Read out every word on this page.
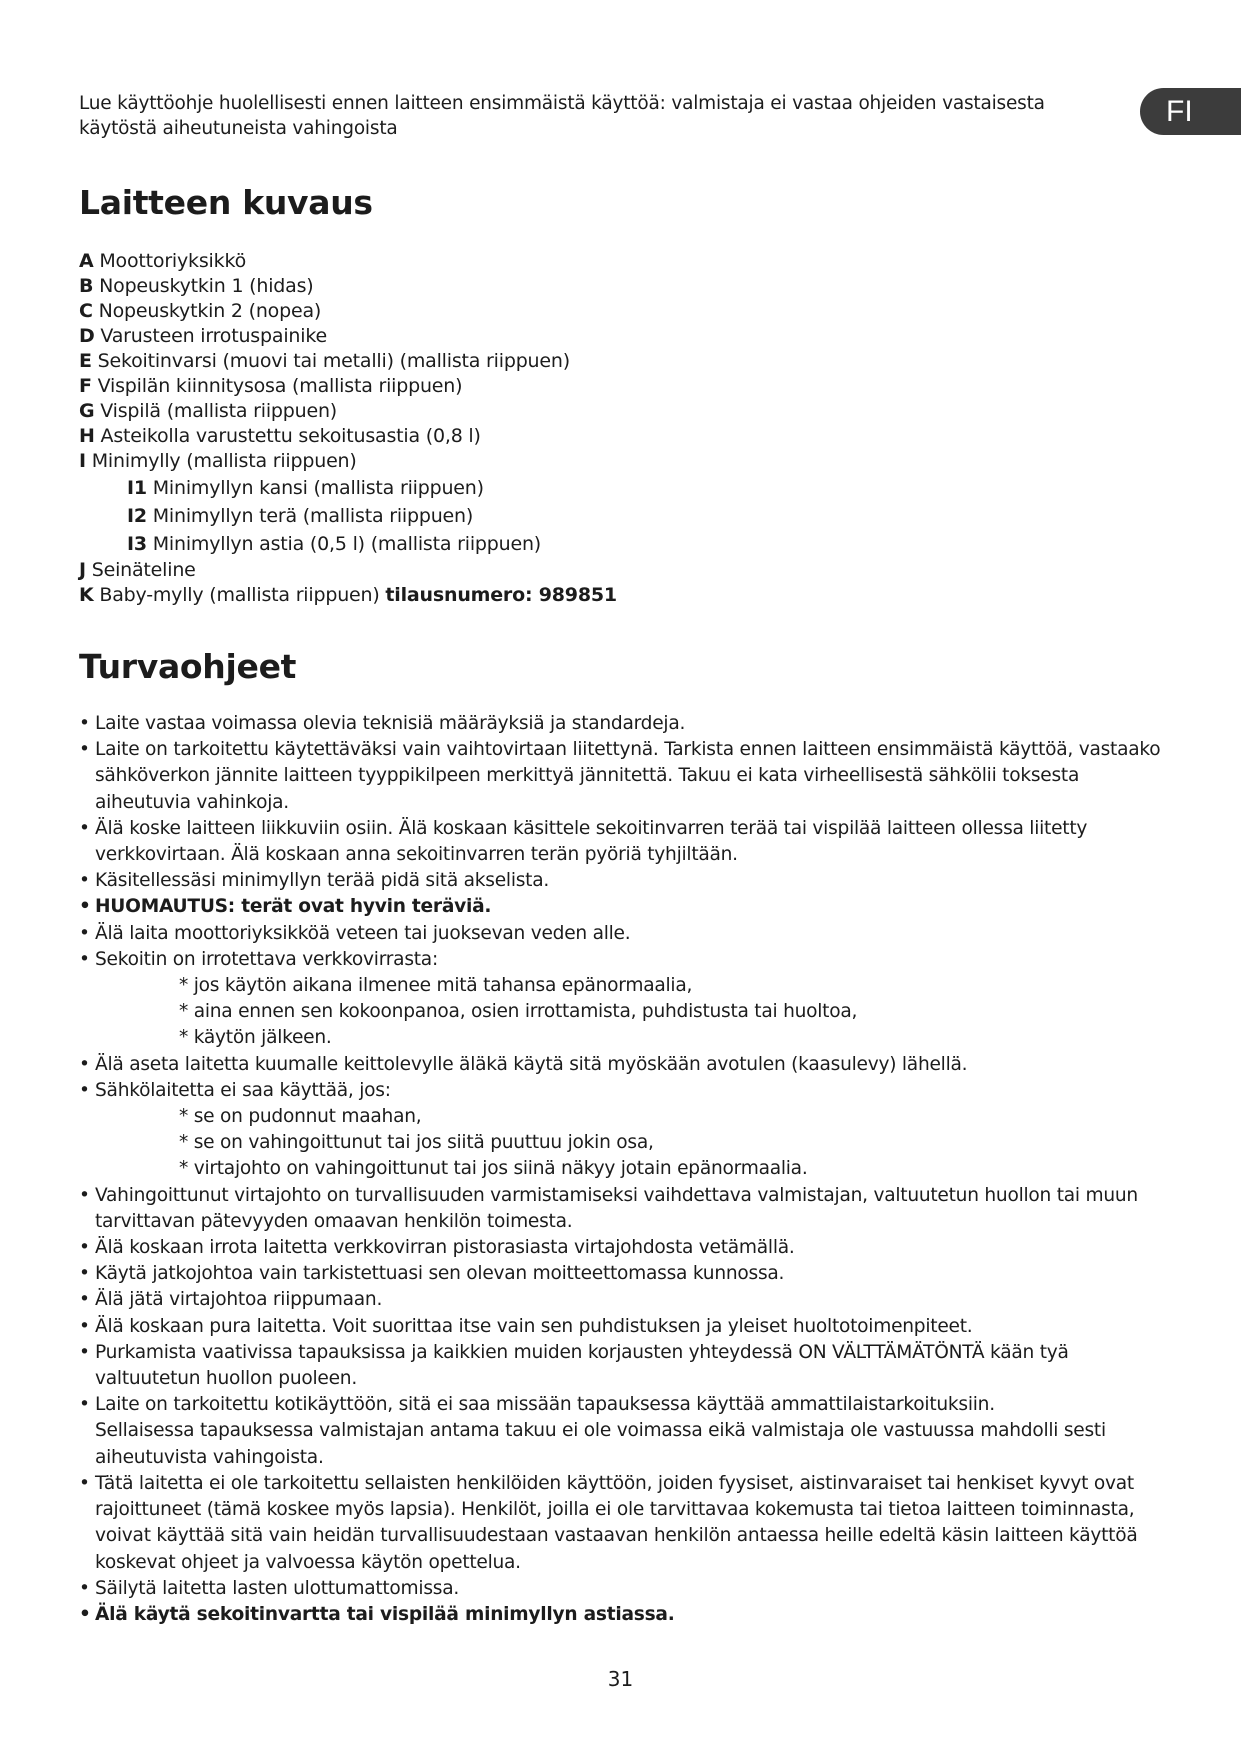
Lue käyttöohje huolellisesti ennen laitteen ensimmäistä käyttöä: valmistaja ei vastaa ohjeiden vastaisesta käytöstä aiheutuneista vahingoista
FI
Laitteen kuvaus
A Moottoriyksikkö
B Nopeuskytkin 1 (hidas)
C Nopeuskytkin 2 (nopea)
D Varusteen irrotuspainike
E Sekoitinvarsi (muovi tai metalli) (mallista riippuen)
F Vispilän kiinnitysosa (mallista riippuen)
G Vispilä (mallista riippuen)
H Asteikolla varustettu sekoitusastia (0,8 l)
I Minimylly (mallista riippuen)
I1 Minimyllyn kansi (mallista riippuen)
I2 Minimyllyn terä (mallista riippuen)
I3 Minimyllyn astia (0,5 l) (mallista riippuen)
J Seinäteline
K Baby-mylly (mallista riippuen) tilausnumero: 989851
Turvaohjeet
• Laite vastaa voimassa olevia teknisiä määräyksiä ja standardeja.
• Laite on tarkoitettu käytettäväksi vain vaihtovirtaan liitettynä. Tarkista ennen laitteen ensimmäistä käyttöä, vastaako sähköverkon jännite laitteen tyyppikilpeen merkittyä jännitettä. Takuu ei kata virheellisestä sähkölii toksesta aiheutuvia vahinkoja.
• Älä koske laitteen liikkuviin osiin. Älä koskaan käsittele sekoitinvarren terää tai vispilää laitteen ollessa liitetty verkkovirtaan. Älä koskaan anna sekoitinvarren terän pyöriä tyhjiltään.
• Käsitellessäsi minimyllyn terää pidä sitä akselista.
• HUOMAUTUS: terät ovat hyvin teräviä.
• Älä laita moottoriyksikköä veteen tai juoksevan veden alle.
• Sekoitin on irrotettava verkkovirrasta:
* jos käytön aikana ilmenee mitä tahansa epänormaalia,
* aina ennen sen kokoonpanoa, osien irrottamista, puhdistusta tai huoltoa,
* käytön jälkeen.
• Älä aseta laitetta kuumalle keittolevylle äläkä käytä sitä myöskään avotulen (kaasulevy) lähellä.
• Sähkölaitetta ei saa käyttää, jos:
* se on pudonnut maahan,
* se on vahingoittunut tai jos siitä puuttuu jokin osa,
* virtajohto on vahingoittunut tai jos siinä näkyy jotain epänormaalia.
• Vahingoittunut virtajohto on turvallisuuden varmistamiseksi vaihdettava valmistajan, valtuutetun huollon tai muun tarvittavan pätevyyden omaavan henkilön toimesta.
• Älä koskaan irrota laitetta verkkovirran pistorasiasta virtajohdosta vetämällä.
• Käytä jatkojohtoa vain tarkistettuasi sen olevan moitteettomassa kunnossa.
• Älä jätä virtajohtoa riippumaan.
• Älä koskaan pura laitetta. Voit suorittaa itse vain sen puhdistuksen ja yleiset huoltotoimenpiteet.
• Purkamista vaativissa tapauksissa ja kaikkien muiden korjausten yhteydessä ON VÄLTTÄMÄTÖNTÄ kään tyä valtuutetun huollon puoleen.
• Laite on tarkoitettu kotikäyttöön, sitä ei saa missään tapauksessa käyttää ammattilaistarkoituksiin.
Sellaisessa tapauksessa valmistajan antama takuu ei ole voimassa eikä valmistaja ole vastuussa mahdolli sesti aiheutuvista vahingoista.
• Tätä laitetta ei ole tarkoitettu sellaisten henkilöiden käyttöön, joiden fyysiset, aistinvaraiset tai henkiset kyvyt ovat rajoittuneet (tämä koskee myös lapsia). Henkilöt, joilla ei ole tarvittavaa kokemusta tai tietoa laitteen toiminnasta, voivat käyttää sitä vain heidän turvallisuudestaan vastaavan henkilön antaessa heille edeltä käsin laitteen käyttöä koskevat ohjeet ja valvoessa käytön opettelua.
• Säilytä laitetta lasten ulottumattomissa.
• Älä käytä sekoitinvartta tai vispilää minimyllyn astiassa.
31
